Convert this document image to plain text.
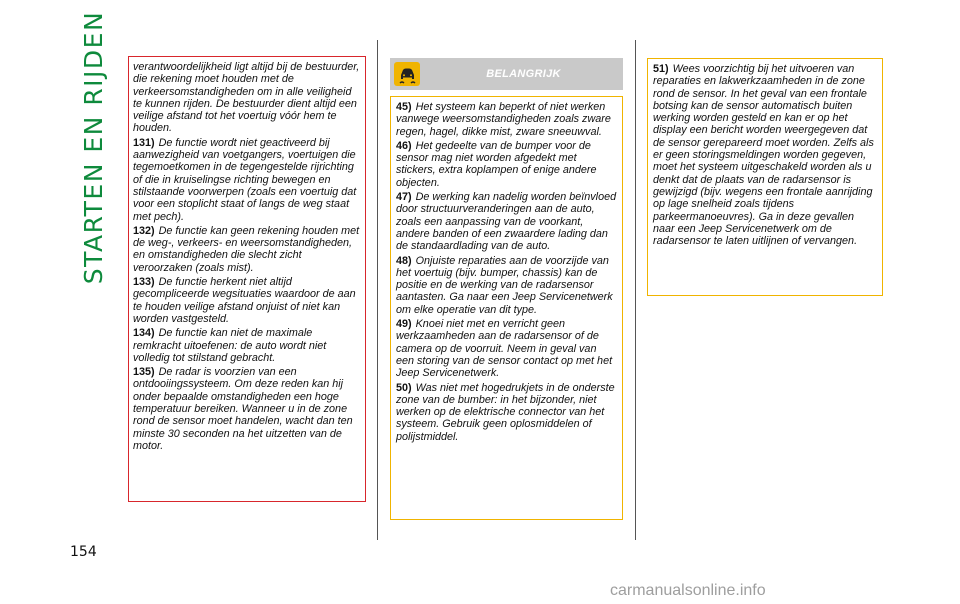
STARTEN EN RIJDEN verantwoordelijkheid ligt altijd bij de bestuurder, die rekening moet houden met de verkeersomstandigheden om in alle veiligheid te kunnen rijden. De bestuurder dient altijd een veilige afstand tot het voertuig vóór hem te houden.

131) De functie wordt niet geactiveerd bij aanwezigheid van voetgangers, voertuigen die tegemoetkomen in de tegengestelde rijrichting of die in kruiselingse richting bewegen en stilstaande voorwerpen (zoals een voertuig dat voor een stoplicht staat of langs de weg staat met pech).

132) De functie kan geen rekening houden met de weg-, verkeers- en weersomstandigheden, en omstandigheden die slecht zicht veroorzaken (zoals mist).

133) De functie herkent niet altijd gecompliceerde wegsituaties waardoor de aan te houden veilige afstand onjuist of niet kan worden vastgesteld.

134) De functie kan niet de maximale remkracht uitoefenen: de auto wordt niet volledig tot stilstand gebracht.

135) De radar is voorzien van een ontdooiingssysteem. Om deze reden kan hij onder bepaalde omstandigheden een hoge temperatuur bereiken. Wanneer u in de zone rond de sensor moet handelen, wacht dan ten minste 30 seconden na het uitzetten van de motor.

BELANGRIJK

45) Het systeem kan beperkt of niet werken vanwege weersomstandigheden zoals zware regen, hagel, dikke mist, zware sneeuwval.

46) Het gedeelte van de bumper voor de sensor mag niet worden afgedekt met stickers, extra koplampen of enige andere objecten.

47) De werking kan nadelig worden beïnvloed door structuurveranderingen aan de auto, zoals een aanpassing van de voorkant, andere banden of een zwaardere lading dan de standaardlading van de auto.

48) Onjuiste reparaties aan de voorzijde van het voertuig (bijv. bumper, chassis) kan de positie en de werking van de radarsensor aantasten. Ga naar een Jeep Servicenetwerk om elke operatie van dit type.

49) Knoei niet met en verricht geen werkzaamheden aan de radarsensor of de camera op de voorruit. Neem in geval van een storing van de sensor contact op met het Jeep Servicenetwerk.

50) Was niet met hogedrukjets in de onderste zone van de bumber: in het bijzonder, niet werken op de elektrische connector van het systeem. Gebruik geen oplosmiddelen of polijstmiddel.

51) Wees voorzichtig bij het uitvoeren van reparaties en lakwerkzaamheden in de zone rond de sensor. In het geval van een frontale botsing kan de sensor automatisch buiten werking worden gesteld en kan er op het display een bericht worden weergegeven dat de sensor gerepareerd moet worden. Zelfs als er geen storingsmeldingen worden gegeven, moet het systeem uitgeschakeld worden als u denkt dat de plaats van de radarsensor is gewijzigd (bijv. wegens een frontale aanrijding op lage snelheid zoals tijdens parkeermanoeuvres). Ga in deze gevallen naar een Jeep Servicenetwerk om de radarsensor te laten uitlijnen of vervangen.

154
carmanualsonline.info
